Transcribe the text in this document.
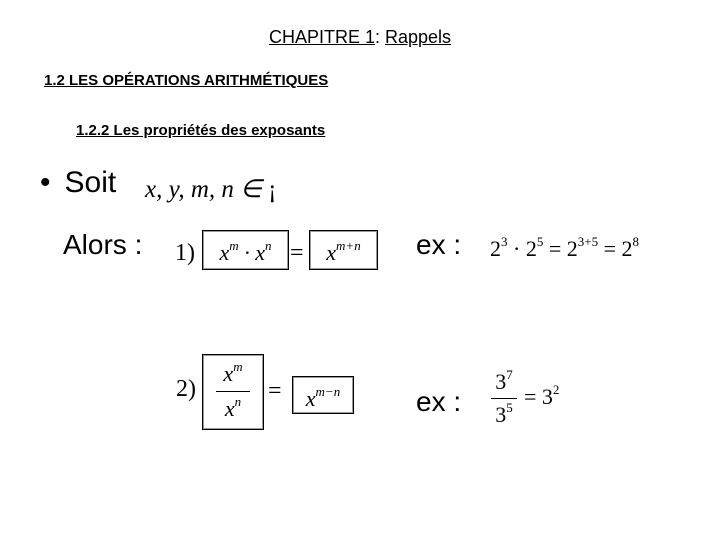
CHAPITRE 1: Rappels
1.2 LES OPÉRATIONS ARITHMÉTIQUES
1.2.2 Les propriétés des exposants
• Soit x, y, m, n ∈ ¡
Alors : 1)	$x^m \cdot x^n$ =	$x^{m+n}$	ex : $2^3 \cdot 2^5 = 2^{3+5} = 2^8$
2)
$x^m$
$x^n$	=	$x^{m-n}$	ex :
$3^7$
$3^5 = 3^2$
